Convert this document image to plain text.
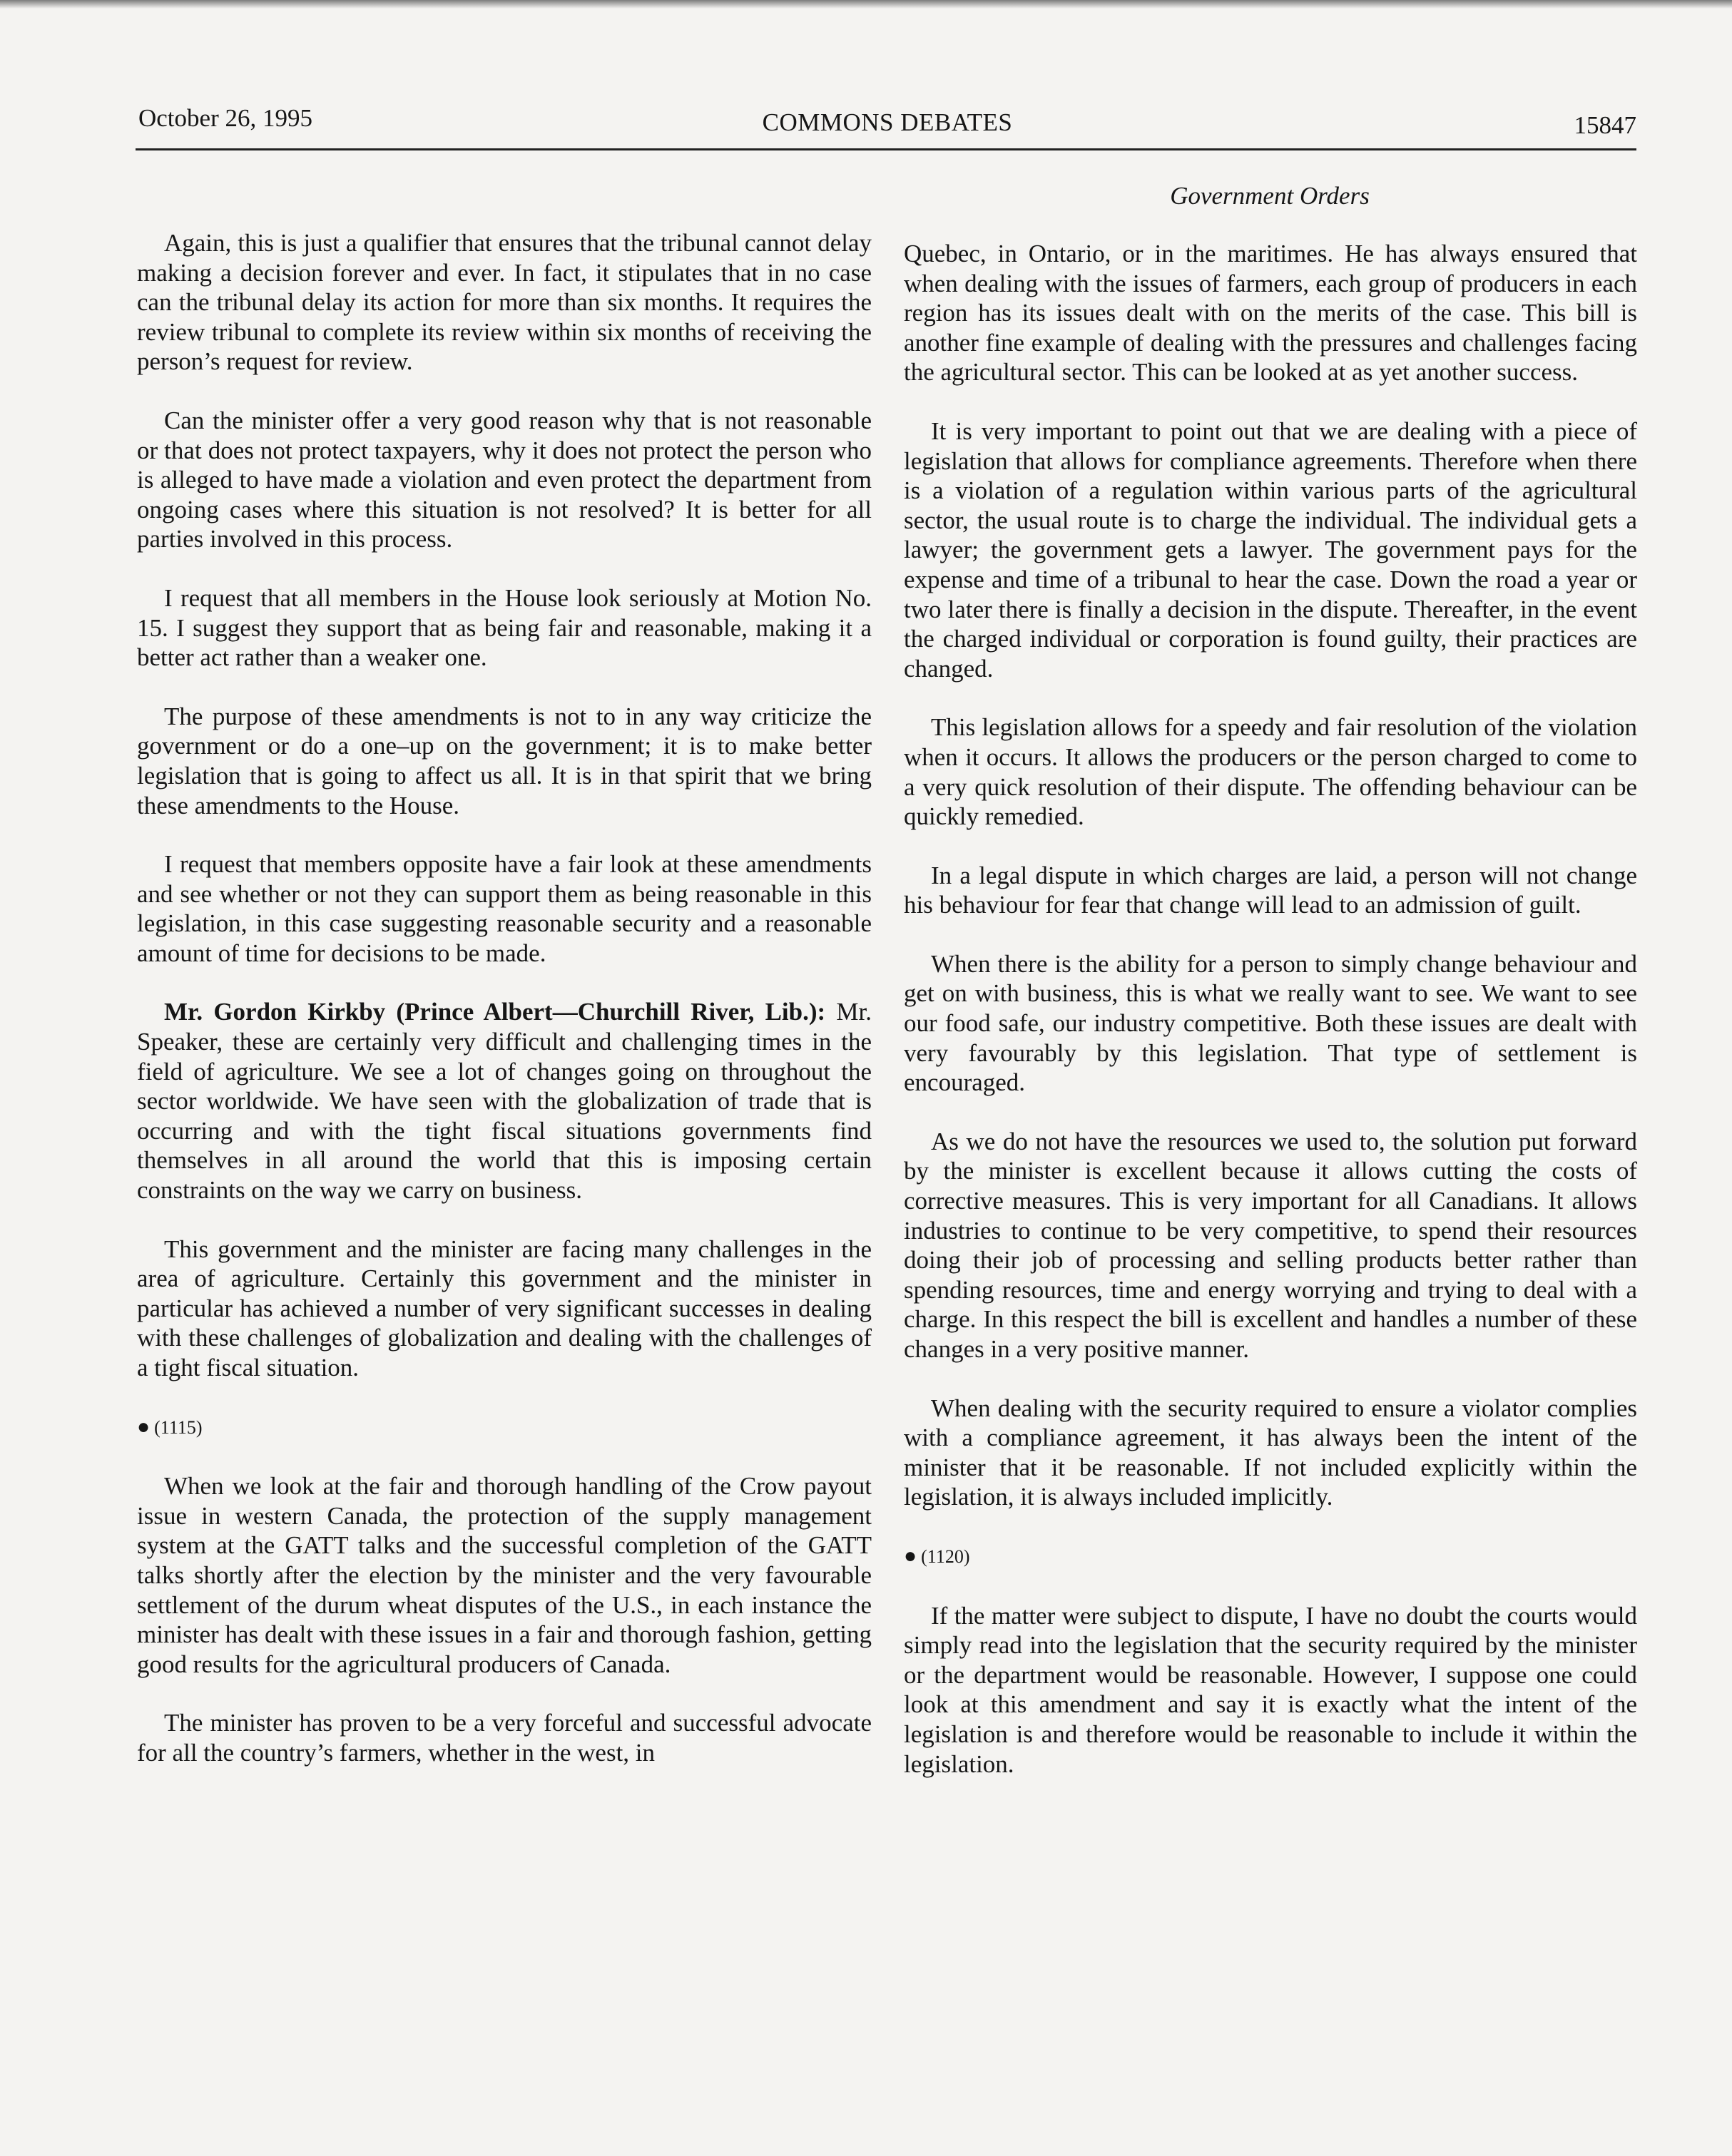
October 26, 1995	COMMONS DEBATES	15847
Government Orders

Again, this is just a qualifier that ensures that the tribunal cannot delay making a decision forever and ever. In fact, it stipulates that in no case can the tribunal delay its action for more than six months. It requires the review tribunal to complete its review within six months of receiving the person’s request for review.

Can the minister offer a very good reason why that is not reasonable or that does not protect taxpayers, why it does not protect the person who is alleged to have made a violation and even protect the department from ongoing cases where this situation is not resolved? It is better for all parties involved in this process.

I request that all members in the House look seriously at Motion No. 15. I suggest they support that as being fair and reasonable, making it a better act rather than a weaker one.

The purpose of these amendments is not to in any way criticize the government or do a one–up on the government; it is to make better legislation that is going to affect us all. It is in that spirit that we bring these amendments to the House.

I request that members opposite have a fair look at these amendments and see whether or not they can support them as being reasonable in this legislation, in this case suggesting reasonable security and a reasonable amount of time for decisions to be made.

Mr. Gordon Kirkby (Prince Albert—Churchill River, Lib.): Mr. Speaker, these are certainly very difficult and challenging times in the field of agriculture. We see a lot of changes going on throughout the sector worldwide. We have seen with the globalization of trade that is occurring and with the tight fiscal situations governments find themselves in all around the world that this is imposing certain constraints on the way we carry on business.

This government and the minister are facing many challenges in the area of agriculture. Certainly this government and the minister in particular has achieved a number of very significant successes in dealing with these challenges of globalization and dealing with the challenges of a tight fiscal situation.

● (1115)

When we look at the fair and thorough handling of the Crow payout issue in western Canada, the protection of the supply management system at the GATT talks and the successful completion of the GATT talks shortly after the election by the minister and the very favourable settlement of the durum wheat disputes of the U.S., in each instance the minister has dealt with these issues in a fair and thorough fashion, getting good results for the agricultural producers of Canada.

The minister has proven to be a very forceful and successful advocate for all the country’s farmers, whether in the west, in

Quebec, in Ontario, or in the maritimes. He has always ensured that when dealing with the issues of farmers, each group of producers in each region has its issues dealt with on the merits of the case. This bill is another fine example of dealing with the pressures and challenges facing the agricultural sector. This can be looked at as yet another success.

It is very important to point out that we are dealing with a piece of legislation that allows for compliance agreements. Therefore when there is a violation of a regulation within various parts of the agricultural sector, the usual route is to charge the individual. The individual gets a lawyer; the government gets a lawyer. The government pays for the expense and time of a tribunal to hear the case. Down the road a year or two later there is finally a decision in the dispute. Thereafter, in the event the charged individual or corporation is found guilty, their practices are changed.

This legislation allows for a speedy and fair resolution of the violation when it occurs. It allows the producers or the person charged to come to a very quick resolution of their dispute. The offending behaviour can be quickly remedied.

In a legal dispute in which charges are laid, a person will not change his behaviour for fear that change will lead to an admission of guilt.

When there is the ability for a person to simply change behaviour and get on with business, this is what we really want to see. We want to see our food safe, our industry competitive. Both these issues are dealt with very favourably by this legislation. That type of settlement is encouraged.

As we do not have the resources we used to, the solution put forward by the minister is excellent because it allows cutting the costs of corrective measures. This is very important for all Canadians. It allows industries to continue to be very competitive, to spend their resources doing their job of processing and selling products better rather than spending resources, time and energy worrying and trying to deal with a charge. In this respect the bill is excellent and handles a number of these changes in a very positive manner.

When dealing with the security required to ensure a violator complies with a compliance agreement, it has always been the intent of the minister that it be reasonable. If not included explicitly within the legislation, it is always included implicitly.

● (1120)

If the matter were subject to dispute, I have no doubt the courts would simply read into the legislation that the security required by the minister or the department would be reasonable. However, I suppose one could look at this amendment and say it is exactly what the intent of the legislation is and therefore would be reasonable to include it within the legislation.
